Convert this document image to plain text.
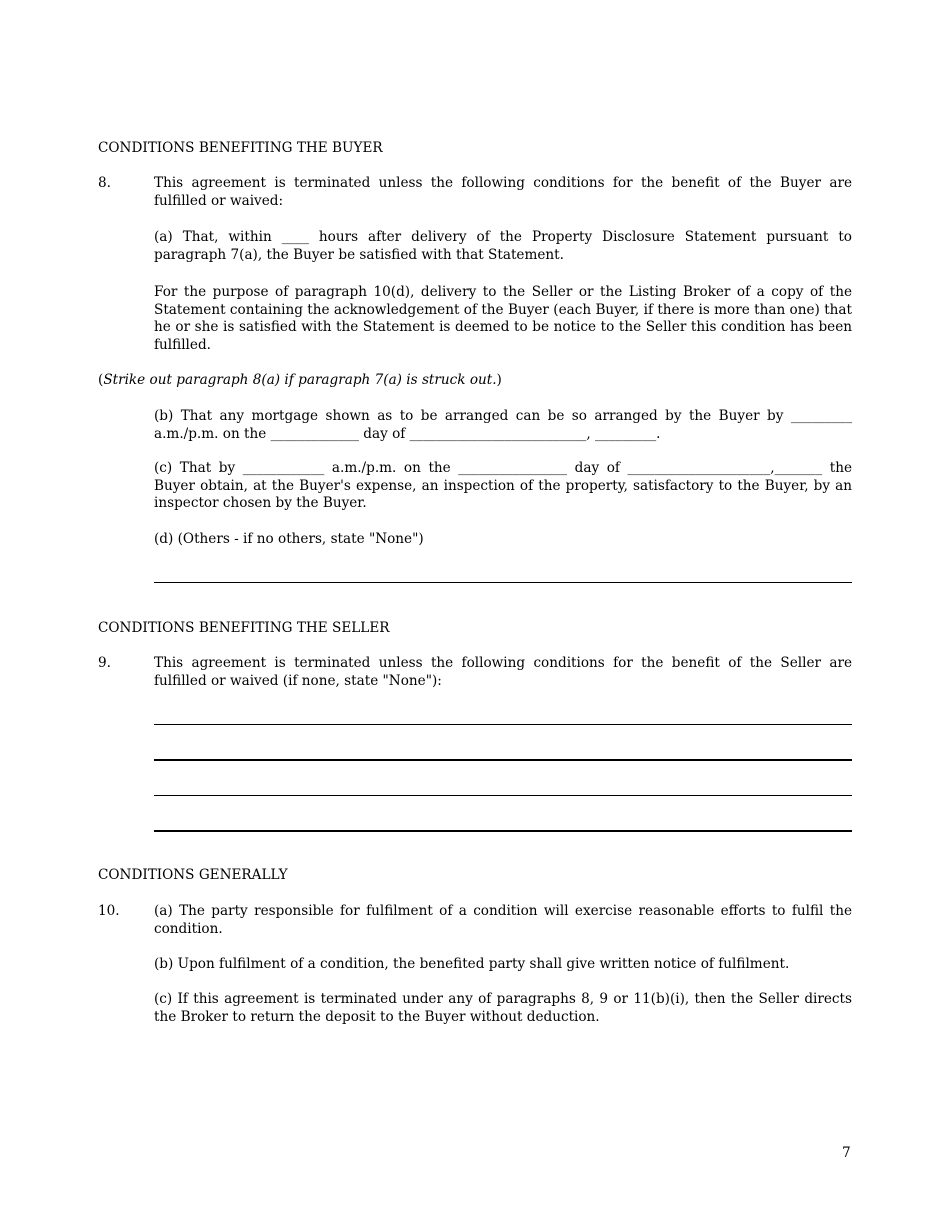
CONDITIONS BENEFITING THE BUYER
8.	This agreement is terminated unless the following conditions for the benefit of the Buyer are fulfilled or waived:
(a) That, within ____ hours after delivery of the Property Disclosure Statement pursuant to paragraph 7(a), the Buyer be satisfied with that Statement.
For the purpose of paragraph 10(d), delivery to the Seller or the Listing Broker of a copy of the Statement containing the acknowledgement of the Buyer (each Buyer, if there is more than one) that he or she is satisfied with the Statement is deemed to be notice to the Seller this condition has been fulfilled.
(Strike out paragraph 8(a) if paragraph 7(a) is struck out.)
(b) That any mortgage shown as to be arranged can be so arranged by the Buyer by _________ a.m./p.m. on the _____________ day of __________________________, _________.
(c) That by ____________ a.m./p.m. on the ________________ day of _____________________,_______ the Buyer obtain, at the Buyer's expense, an inspection of the property, satisfactory to the Buyer, by an inspector chosen by the Buyer.
(d) (Others - if no others, state "None")
CONDITIONS BENEFITING THE SELLER
9.	This agreement is terminated unless the following conditions for the benefit of the Seller are fulfilled or waived (if none, state "None"):
CONDITIONS GENERALLY
10.	(a) The party responsible for fulfilment of a condition will exercise reasonable efforts to fulfil the condition.
(b) Upon fulfilment of a condition, the benefited party shall give written notice of fulfilment.
(c) If this agreement is terminated under any of paragraphs 8, 9 or 11(b)(i), then the Seller directs the Broker to return the deposit to the Buyer without deduction.
7
